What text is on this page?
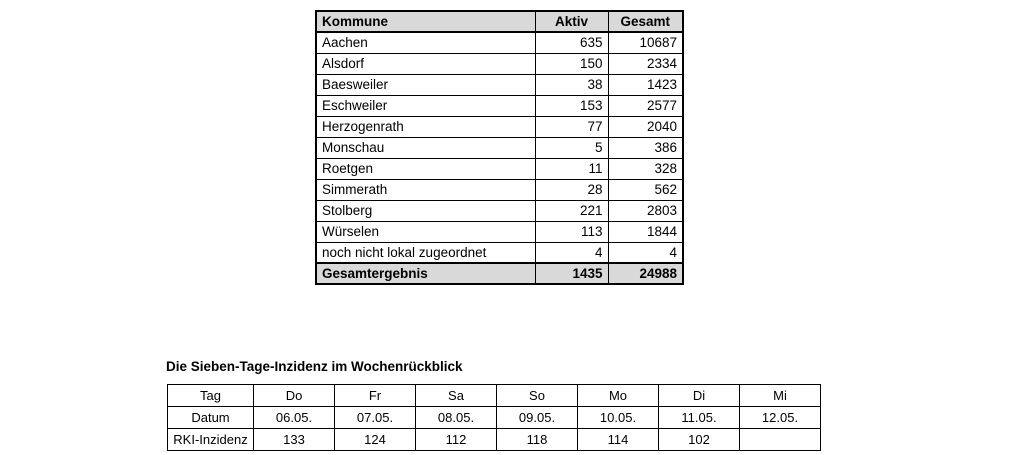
Kommune	Aktiv	Gesamt
Aachen	635	10687
Alsdorf	150	2334
Baesweiler	38	1423
Eschweiler	153	2577
Herzogenrath	77	2040
Monschau	5	386
Roetgen	11	328
Simmerath	28	562
Stolberg	221	2803
Würselen	113	1844
noch nicht lokal zugeordnet	4	4
Gesamtergebnis	1435	24988
Die Sieben-Tage-Inzidenz im Wochenrückblick
Tag	Do	Fr	Sa	So	Mo	Di	Mi
Datum	06.05.	07.05.	08.05.	09.05.	10.05.	11.05.	12.05.
RKI-Inzidenz	133	124	112	118	114	102	
